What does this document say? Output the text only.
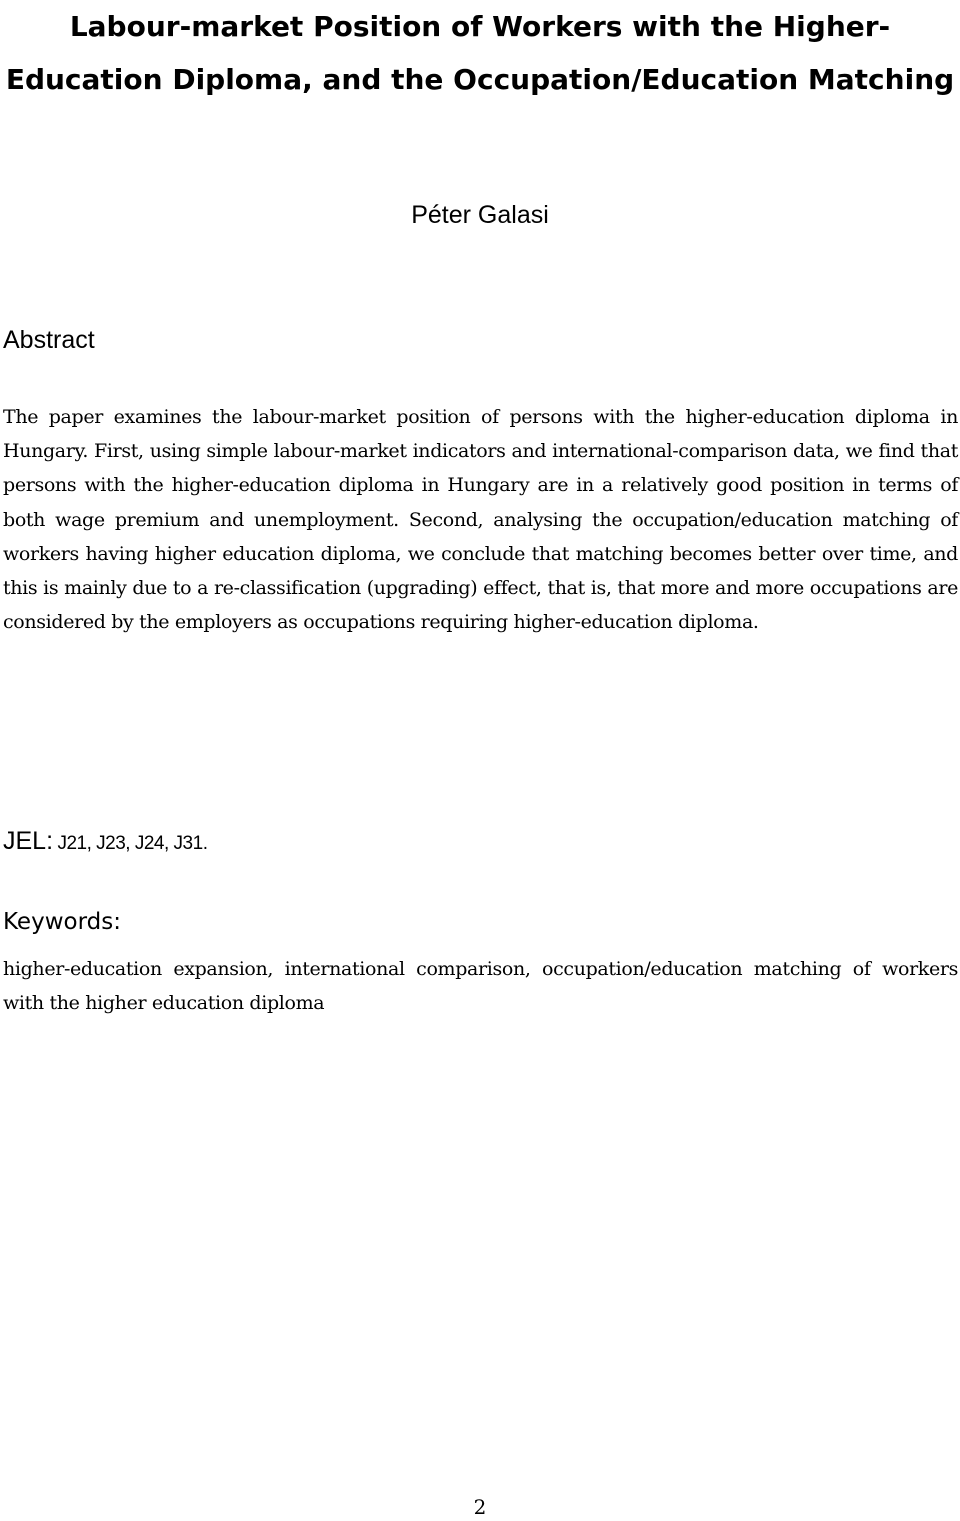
Labour-market Position of Workers with the Higher-Education Diploma, and the Occupation/Education Matching
Péter Galasi
Abstract

The paper examines the labour-market position of persons with the higher-education diploma in Hungary. First, using simple labour-market indicators and international-comparison data, we find that persons with the higher-education diploma in Hungary are in a relatively good position in terms of both wage premium and unemployment. Second, analysing the occupation/education matching of workers having higher education diploma, we conclude that matching becomes better over time, and this is mainly due to a re-classification (upgrading) effect, that is, that more and more occupations are considered by the employers as occupations requiring higher-education diploma.

JEL: J21, J23, J24, J31.
Keywords:

higher-education expansion, international comparison, occupation/education matching of workers with the higher education diploma

2
